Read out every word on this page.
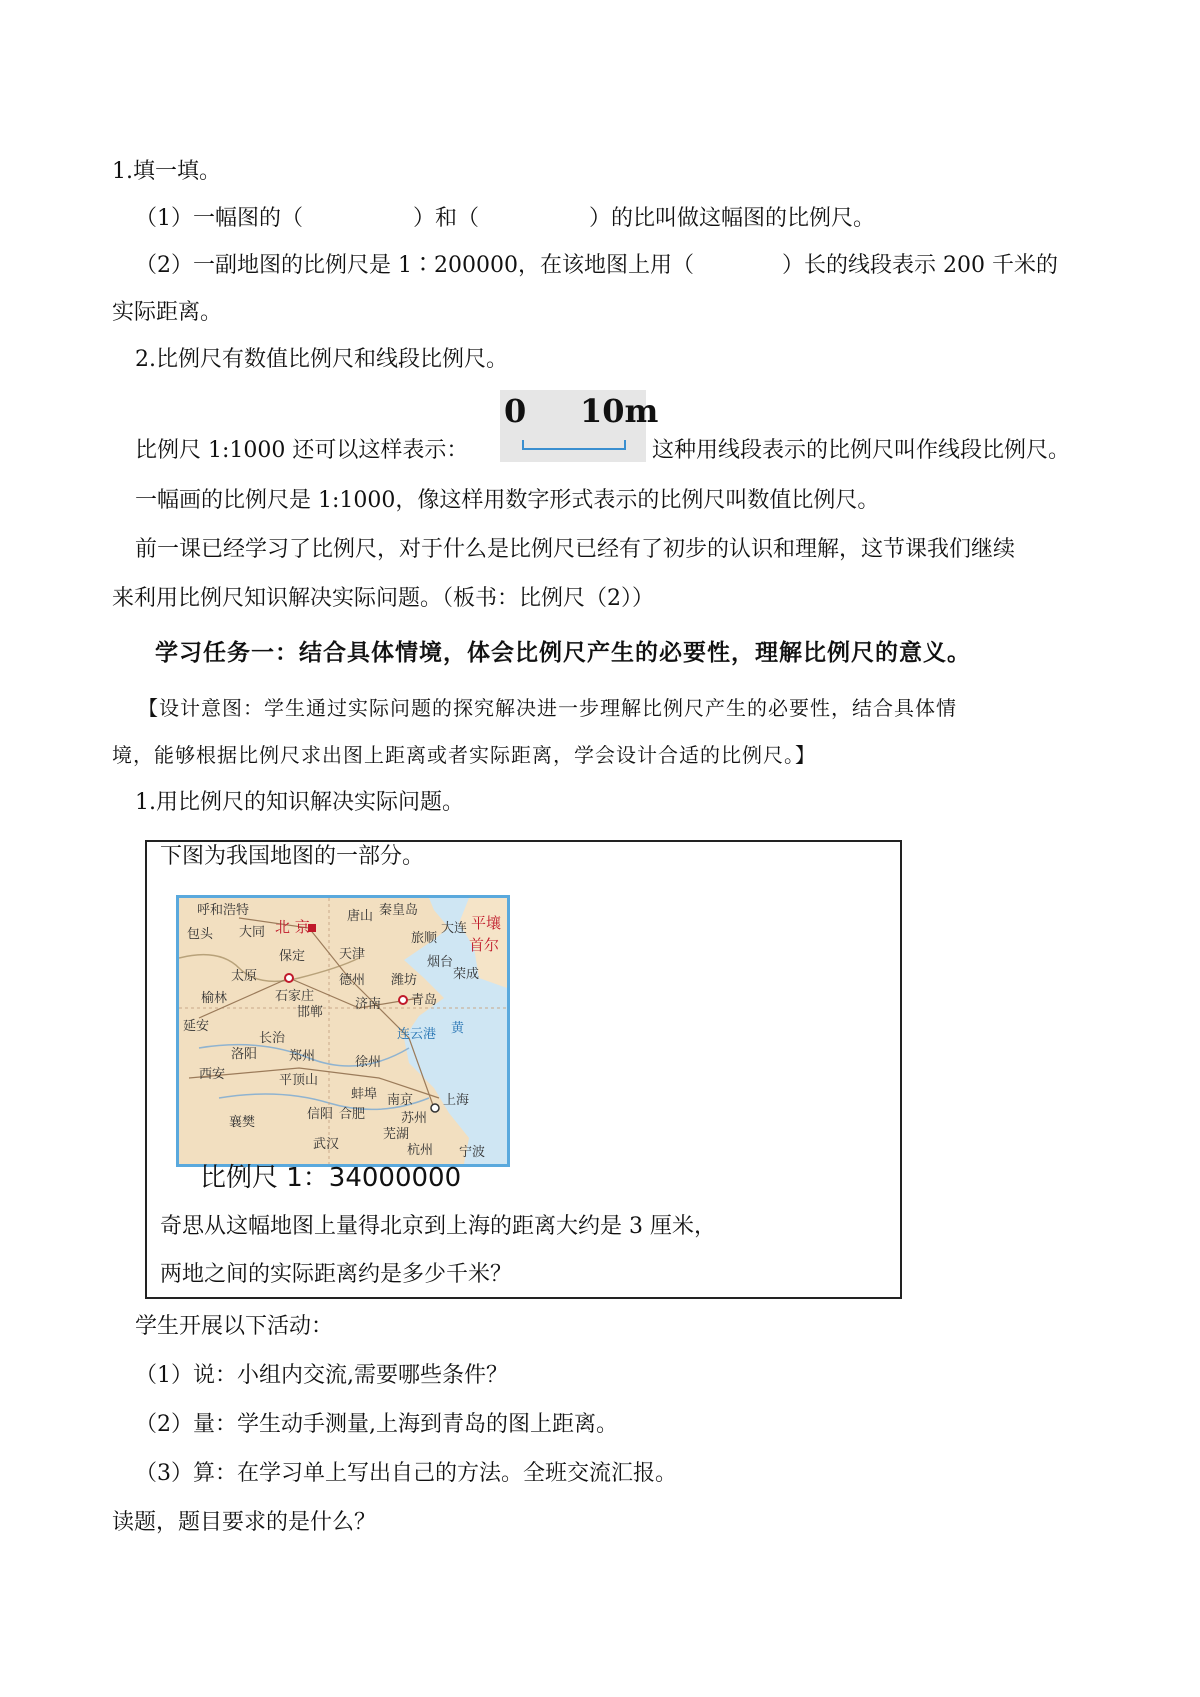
1.填一填。
（1）一幅图的（　　　　　）和（　　　　　）的比叫做这幅图的比例尺。
（2）一副地图的比例尺是 1∶200000，在该地图上用（　　　　）长的线段表示 200 千米的
实际距离。
2.比例尺有数值比例尺和线段比例尺。
0 10m
比例尺 1:1000 还可以这样表示：	这种用线段表示的比例尺叫作线段比例尺。
一幅画的比例尺是 1:1000，像这样用数字形式表示的比例尺叫数值比例尺。
前一课已经学习了比例尺，对于什么是比例尺已经有了初步的认识和理解，这节课我们继续
来利用比例尺知识解决实际问题。（板书：比例尺（2））
学习任务一：结合具体情境，体会比例尺产生的必要性，理解比例尺的意义。
【设计意图：学生通过实际问题的探究解决进一步理解比例尺产生的必要性，结合具体情
境，能够根据比例尺求出图上距离或者实际距离，学会设计合适的比例尺。】
1.用比例尺的知识解决实际问题。
下图为我国地图的一部分。
呼和浩特
北 京
唐山 秦皇岛
平壤
首尔
大连
旅顺
包头 大同
保定	天津
烟台
太原	德州 潍坊	荣成
榆林	石家庄
济南 青岛
邯郸
延安
长治	连云港 黄
洛阳 郑州	徐州
西安	平顶山
蚌埠 南京 上海
苏州
襄樊
信阳 合肥
芜湖
武汉	杭州 宁波
比例尺 1：34000000
奇思从这幅地图上量得北京到上海的距离大约是 3 厘米，
两地之间的实际距离约是多少千米？
学生开展以下活动：
（1）说：小组内交流,需要哪些条件？
（2）量：学生动手测量,上海到青岛的图上距离。
（3）算：在学习单上写出自己的方法。全班交流汇报。
读题，题目要求的是什么？
